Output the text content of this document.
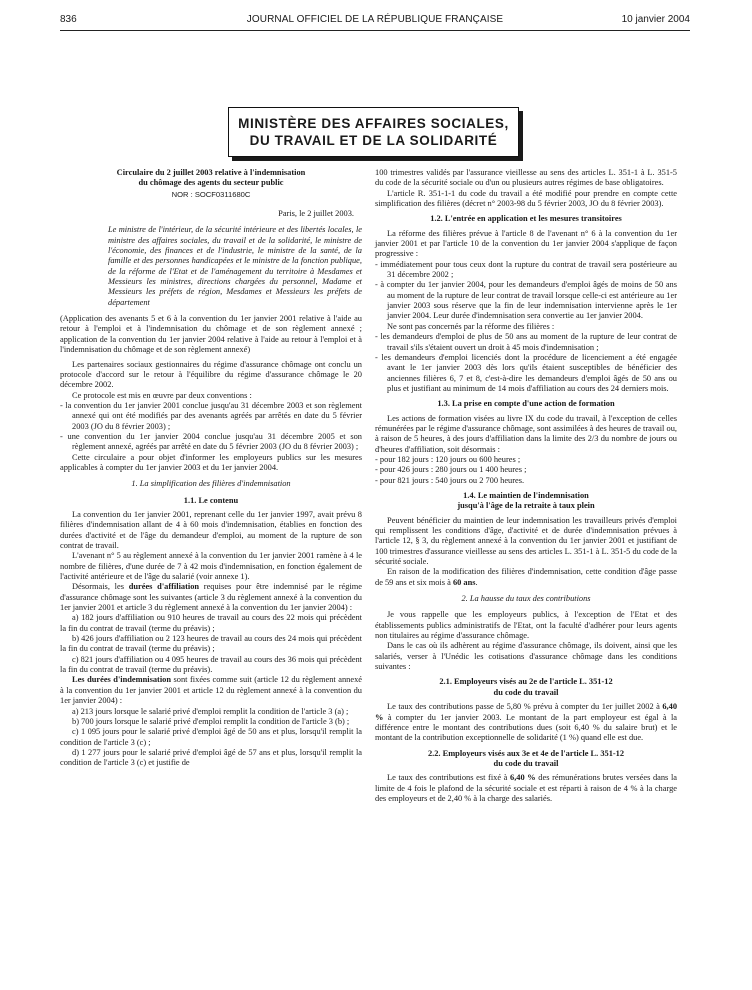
836	JOURNAL OFFICIEL DE LA RÉPUBLIQUE FRANÇAISE	10 janvier 2004
MINISTÈRE DES AFFAIRES SOCIALES,
DU TRAVAIL ET DE LA SOLIDARITÉ

Circulaire du 2 juillet 2003 relative à l'indemnisation
du chômage des agents du secteur public

NOR : SOCF0311680C

Paris, le 2 juillet 2003.

Le ministre de l'intérieur, de la sécurité intérieure et des libertés locales, le ministre des affaires sociales, du travail et de la solidarité, le ministre de l'économie, des finances et de l'industrie, le ministre de la santé, de la famille et des personnes handicapées et le ministre de la fonction publique, de la réforme de l'Etat et de l'aménagement du territoire à Mesdames et Messieurs les ministres, directions chargées du personnel, Madame et Messieurs les préfets de région, Mesdames et Messieurs les préfets de département

(Application des avenants 5 et 6 à la convention du 1er janvier 2001 relative à l'aide au retour à l'emploi et à l'indemnisation du chômage et de son règlement annexé ; application de la convention du 1er janvier 2004 relative à l'aide au retour à l'emploi et à l'indemnisation du chômage et de son règlement annexé)

Les partenaires sociaux gestionnaires du régime d'assurance chômage ont conclu un protocole d'accord sur le retour à l'équilibre du régime d'assurance chômage le 20 décembre 2002.

Ce protocole est mis en œuvre par deux conventions :

- la convention du 1er janvier 2001 conclue jusqu'au 31 décembre 2003 et son règlement annexé qui ont été modifiés par des avenants agréés par arrêtés en date du 5 février 2003 (JO du 8 février 2003) ;

- une convention du 1er janvier 2004 conclue jusqu'au 31 décembre 2005 et son règlement annexé, agréés par arrêté en date du 5 février 2003 (JO du 8 février 2003) ;

Cette circulaire a pour objet d'informer les employeurs publics sur les mesures applicables à compter du 1er janvier 2003 et du 1er janvier 2004.

1. La simplification des filières d'indemnisation

1.1. Le contenu

La convention du 1er janvier 2001, reprenant celle du 1er janvier 1997, avait prévu 8 filières d'indemnisation allant de 4 à 60 mois d'indemnisation, établies en fonction des durées d'activité et de l'âge du demandeur d'emploi, au moment de la rupture de son contrat de travail.

L'avenant n° 5 au règlement annexé à la convention du 1er janvier 2001 ramène à 4 le nombre de filières, d'une durée de 7 à 42 mois d'indemnisation, en fonction également de l'activité antérieure et de l'âge du salarié (voir annexe 1).

Désormais, les durées d'affiliation requises pour être indemnisé par le régime d'assurance chômage sont les suivantes (article 3 du règlement annexé à la convention du 1er janvier 2001 et article 3 du règlement annexé à la convention du 1er janvier 2004) :

a) 182 jours d'affiliation ou 910 heures de travail au cours des 22 mois qui précèdent la fin du contrat de travail (terme du préavis) ;

b) 426 jours d'affiliation ou 2 123 heures de travail au cours des 24 mois qui précèdent la fin du contrat de travail (terme du préavis) ;

c) 821 jours d'affiliation ou 4 095 heures de travail au cours des 36 mois qui précèdent la fin du contrat de travail (terme du préavis).

Les durées d'indemnisation sont fixées comme suit (article 12 du règlement annexé à la convention du 1er janvier 2001 et article 12 du règlement annexé à la convention du 1er janvier 2004) :

a) 213 jours lorsque le salarié privé d'emploi remplit la condition de l'article 3 (a) ;

b) 700 jours lorsque le salarié privé d'emploi remplit la condition de l'article 3 (b) ;

c) 1 095 jours pour le salarié privé d'emploi âgé de 50 ans et plus, lorsqu'il remplit la condition de l'article 3 (c) ;

d) 1 277 jours pour le salarié privé d'emploi âgé de 57 ans et plus, lorsqu'il remplit la condition de l'article 3 (c) et justifie de

100 trimestres validés par l'assurance vieillesse au sens des articles L. 351-1 à L. 351-5 du code de la sécurité sociale ou d'un ou plusieurs autres régimes de base obligatoires.

L'article R. 351-1-1 du code du travail a été modifié pour prendre en compte cette simplification des filières (décret n° 2003-98 du 5 février 2003, JO du 8 février 2003).

1.2. L'entrée en application et les mesures transitoires

La réforme des filières prévue à l'article 8 de l'avenant n° 6 à la convention du 1er janvier 2001 et par l'article 10 de la convention du 1er janvier 2004 s'applique de façon progressive :

- immédiatement pour tous ceux dont la rupture du contrat de travail sera postérieure au 31 décembre 2002 ;

- à compter du 1er janvier 2004, pour les demandeurs d'emploi âgés de moins de 50 ans au moment de la rupture de leur contrat de travail lorsque celle-ci est antérieure au 1er janvier 2003 sous réserve que la fin de leur indemnisation intervienne après le 1er janvier 2004. Leur durée d'indemnisation sera convertie au 1er janvier 2004.

Ne sont pas concernés par la réforme des filières :

- les demandeurs d'emploi de plus de 50 ans au moment de la rupture de leur contrat de travail s'ils s'étaient ouvert un droit à 45 mois d'indemnisation ;

- les demandeurs d'emploi licenciés dont la procédure de licenciement a été engagée avant le 1er janvier 2003 dès lors qu'ils étaient susceptibles de bénéficier des anciennes filières 6, 7 et 8, c'est-à-dire les demandeurs d'emploi âgés de 50 ans ou plus et justifiant au minimum de 14 mois d'affiliation au cours des 24 derniers mois.

1.3. La prise en compte d'une action de formation

Les actions de formation visées au livre IX du code du travail, à l'exception de celles rémunérées par le régime d'assurance chômage, sont assimilées à des heures de travail ou, à raison de 5 heures, à des jours d'affiliation dans la limite des 2/3 du nombre de jours ou d'heures d'affiliation, soit désormais :

- pour 182 jours : 120 jours ou 600 heures ;

- pour 426 jours : 280 jours ou 1 400 heures ;

- pour 821 jours : 540 jours ou 2 700 heures.

1.4. Le maintien de l'indemnisation
jusqu'à l'âge de la retraite à taux plein

Peuvent bénéficier du maintien de leur indemnisation les travailleurs privés d'emploi qui remplissent les conditions d'âge, d'activité et de durée d'indemnisation prévues à l'article 12, § 3, du règlement annexé à la convention du 1er janvier 2001 et justifiant de 100 trimestres d'assurance vieillesse au sens des articles L. 351-1 à L. 351-5 du code de la sécurité sociale.

En raison de la modification des filières d'indemnisation, cette condition d'âge passe de 59 ans et six mois à 60 ans.

2. La hausse du taux des contributions

Je vous rappelle que les employeurs publics, à l'exception de l'Etat et des établissements publics administratifs de l'Etat, ont la faculté d'adhérer pour leurs agents non titulaires au régime d'assurance chômage.

Dans le cas où ils adhèrent au régime d'assurance chômage, ils doivent, ainsi que les salariés, verser à l'Unédic les cotisations d'assurance chômage dans les conditions suivantes :

2.1. Employeurs visés au 2e de l'article L. 351-12
du code du travail

Le taux des contributions passe de 5,80 % prévu à compter du 1er juillet 2002 à 6,40 % à compter du 1er janvier 2003. Le montant de la part employeur est égal à la différence entre le montant des contributions dues (soit 6,40 % du salaire brut) et le montant de la contribution exceptionnelle de solidarité (1 %) quand elle est due.

2.2. Employeurs visés aux 3e et 4e de l'article L. 351-12
du code du travail

Le taux des contributions est fixé à 6,40 % des rémunérations brutes versées dans la limite de 4 fois le plafond de la sécurité sociale et est réparti à raison de 4 % à la charge des employeurs et de 2,40 % à la charge des salariés.
